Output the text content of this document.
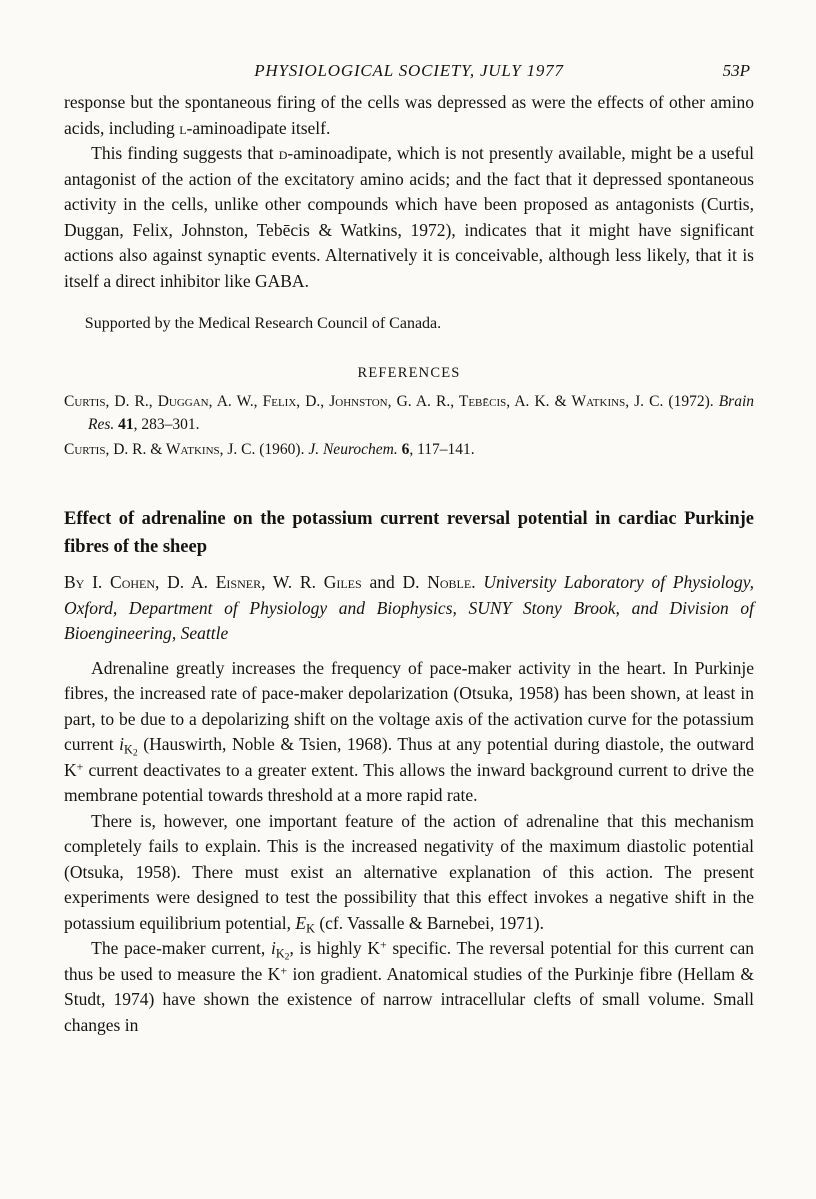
PHYSIOLOGICAL SOCIETY, JULY 1977	53P

response but the spontaneous firing of the cells was depressed as were the effects of other amino acids, including l-aminoadipate itself.

This finding suggests that d-aminoadipate, which is not presently available, might be a useful antagonist of the action of the excitatory amino acids; and the fact that it depressed spontaneous activity in the cells, unlike other compounds which have been proposed as antagonists (Curtis, Duggan, Felix, Johnston, Tebēcis & Watkins, 1972), indicates that it might have significant actions also against synaptic events. Alternatively it is conceivable, although less likely, that it is itself a direct inhibitor like GABA.

Supported by the Medical Research Council of Canada.

REFERENCES

Curtis, D. R., Duggan, A. W., Felix, D., Johnston, G. A. R., Tebēcis, A. K. & Watkins, J. C. (1972). Brain Res. 41, 283–301.

Curtis, D. R. & Watkins, J. C. (1960). J. Neurochem. 6, 117–141.

Effect of adrenaline on the potassium current reversal potential in cardiac Purkinje fibres of the sheep

By I. Cohen, D. A. Eisner, W. R. Giles and D. Noble. University Laboratory of Physiology, Oxford, Department of Physiology and Biophysics, SUNY Stony Brook, and Division of Bioengineering, Seattle

Adrenaline greatly increases the frequency of pace-maker activity in the heart. In Purkinje fibres, the increased rate of pace-maker depolarization (Otsuka, 1958) has been shown, at least in part, to be due to a depolarizing shift on the voltage axis of the activation curve for the potassium current $i_{K2}$ (Hauswirth, Noble & Tsien, 1968). Thus at any potential during diastole, the outward K+ current deactivates to a greater extent. This allows the inward background current to drive the membrane potential towards threshold at a more rapid rate.

There is, however, one important feature of the action of adrenaline that this mechanism completely fails to explain. This is the increased negativity of the maximum diastolic potential (Otsuka, 1958). There must exist an alternative explanation of this action. The present experiments were designed to test the possibility that this effect invokes a negative shift in the potassium equilibrium potential, $E_K$ (cf. Vassalle & Barnebei, 1971).

The pace-maker current, $i_{K2}$, is highly K+ specific. The reversal potential for this current can thus be used to measure the K+ ion gradient. Anatomical studies of the Purkinje fibre (Hellam & Studt, 1974) have shown the existence of narrow intracellular clefts of small volume. Small changes in
